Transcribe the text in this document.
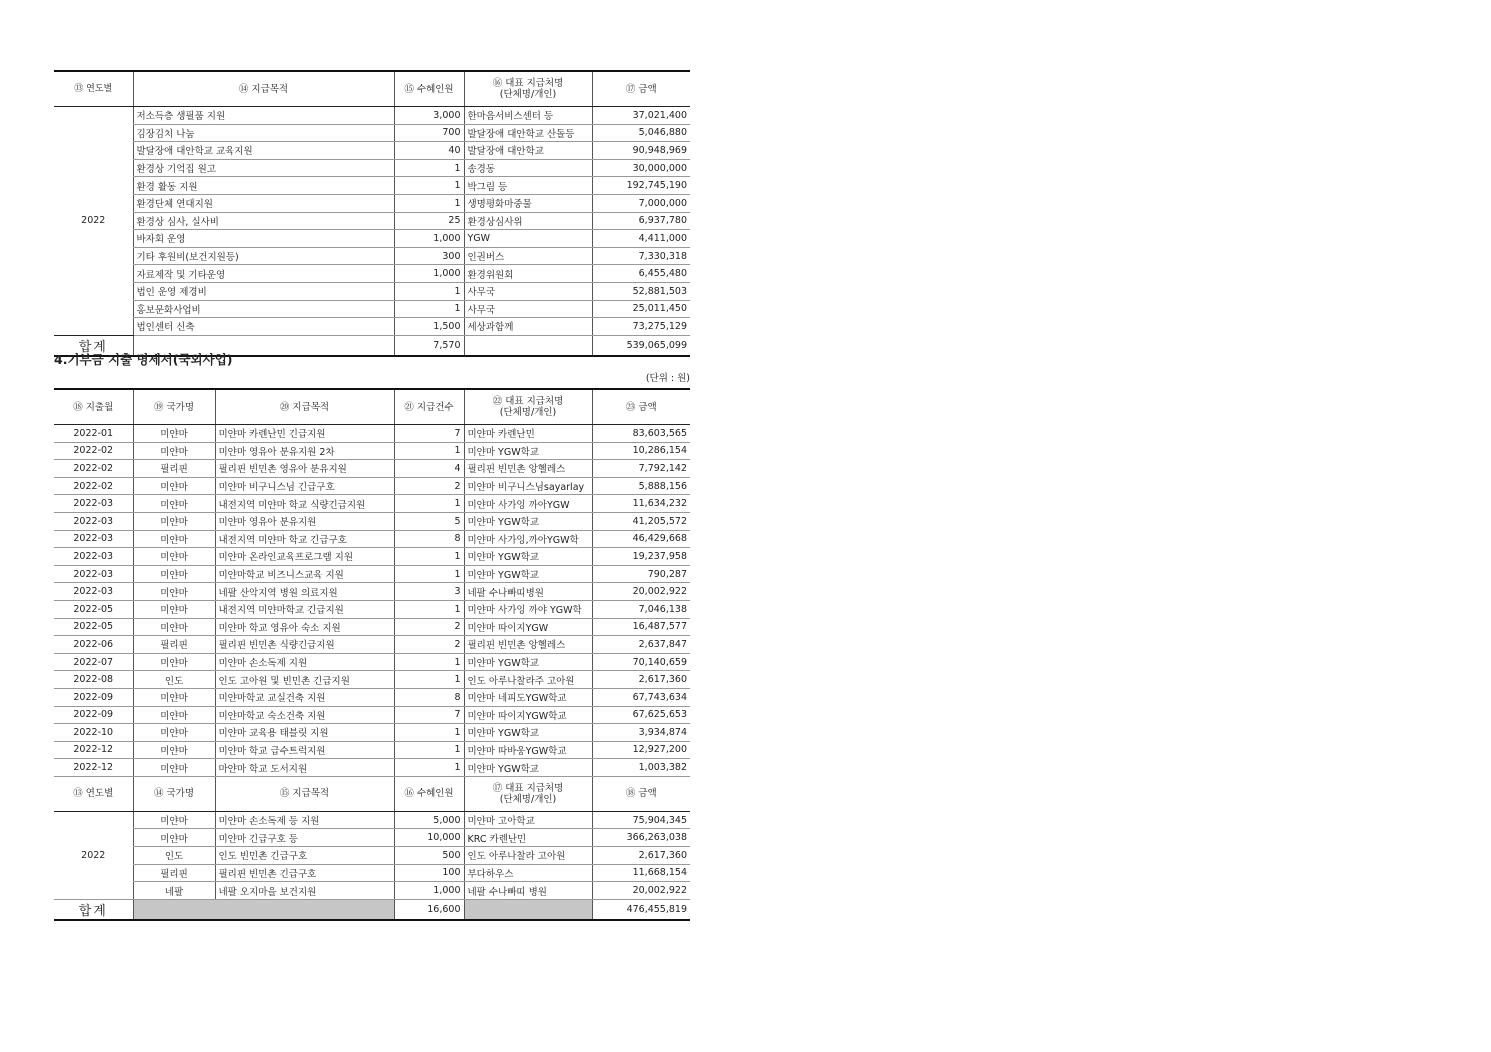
⑬ 연도별	⑭ 지급목적	⑮ 수혜인원	⑯ 대표 지급처명
(단체명/개인)	⑰ 금액
2022	저소득층 생필품 지원	3,000	한마음서비스센터 등	37,021,400
	김장김치 나눔	700	발달장애 대안학교 산돌등	5,046,880
	발달장애 대안학교 교육지원	40	발달장애 대안학교	90,948,969
	환경상 기억집 원고	1	송경동	30,000,000
	환경 활동 지원	1	박그림 등	192,745,190
	환경단체 연대지원	1	생명평화마중물	7,000,000
	환경상 심사, 실사비	25	환경상심사위	6,937,780
	바자회 운영	1,000	YGW	4,411,000
	기타 후원비(보건지원등)	300	인권버스	7,330,318
	자료제작 및 기타운영	1,000	환경위원회	6,455,480
	법인 운영 제경비	1	사무국	52,881,503
	홍보문화사업비	1	사무국	25,011,450
	법인센터 신축	1,500	세상과함께	73,275,129
합계		7,570		539,065,099
4.기부금 지출 명세서(국외사업)
(단위 : 원)
⑱ 지출월	⑲ 국가명	⑳ 지급목적	㉑ 지급건수	㉒ 대표 지급처명
(단체명/개인)	㉓ 금액
2022-01	미얀마	미얀마 카렌난민 긴급지원	7	미얀마 카렌난민	83,603,565
2022-02	미얀마	미얀마 영유아 분유지원 2차	1	미얀마 YGW학교	10,286,154
2022-02	필리핀	필리핀 빈민촌 영유아 분유지원	4	필리핀 빈민촌 앙헬레스	7,792,142
2022-02	미얀마	미얀마 비구니스님 긴급구호	2	미얀마 비구니스님sayarlay	5,888,156
2022-03	미얀마	내전지역 미얀마 학교 식량긴급지원	1	미얀마 사가잉 까아YGW	11,634,232
2022-03	미얀마	미얀마 영유아 분유지원	5	미얀마 YGW학교	41,205,572
2022-03	미얀마	내전지역 미얀마 학교 긴급구호	8	미얀마 사가잉,까아YGW학	46,429,668
2022-03	미얀마	미얀마 온라인교육프로그램 지원	1	미얀마 YGW학교	19,237,958
2022-03	미얀마	미얀마학교 비즈니스교육 지원	1	미얀마 YGW학교	790,287
2022-03	미얀마	네팔 산악지역 병원 의료지원	3	네팔 수나빠띠병원	20,002,922
2022-05	미얀마	내전지역 미얀마학교 긴급지원	1	미얀마 사가잉 까야 YGW학	7,046,138
2022-05	미얀마	미얀마 학교 영유아 숙소 지원	2	미얀마 따이지YGW	16,487,577
2022-06	필리핀	필리핀 빈민촌 식량긴급지원	2	필리핀 빈민촌 앙헬레스	2,637,847
2022-07	미얀마	미얀마 손소독제 지원	1	미얀마 YGW학교	70,140,659
2022-08	인도	인도 고아원 및 빈민촌 긴급지원	1	인도 아루나찰라주 고아원	2,617,360
2022-09	미얀마	미얀마학교 교실건축 지원	8	미얀마 네피도YGW학교	67,743,634
2022-09	미얀마	미얀마학교 숙소건축 지원	7	미얀마 따이지YGW학교	67,625,653
2022-10	미얀마	미얀마 교육용 태블릿 지원	1	미얀마 YGW학교	3,934,874
2022-12	미얀마	미얀마 학교 급수트럭지원	1	미얀마 따바웅YGW학교	12,927,200
2022-12	미얀마	마얀마 학교 도서지원	1	미얀마 YGW학교	1,003,382
⑬ 연도별	⑭ 국가명	⑮ 지급목적	⑯ 수혜인원	⑰ 대표 지급처명
(단체명/개인)	⑱ 금액
2022	미얀마	미얀마 손소독제 등 지원	5,000	미얀마 고아학교	75,904,345
	미얀마	미얀마 긴급구호 등	10,000	KRC 카렌난민	366,263,038
	인도	인도 빈민촌 긴급구호	500	인도 아루나찰라 고아원	2,617,360
	필리핀	필리핀 빈민촌 긴급구호	100	부다하우스	11,668,154
	네팔	네팔 오지마을 보건지원	1,000	네팔 수나빠띠 병원	20,002,922
합계			16,600		476,455,819
